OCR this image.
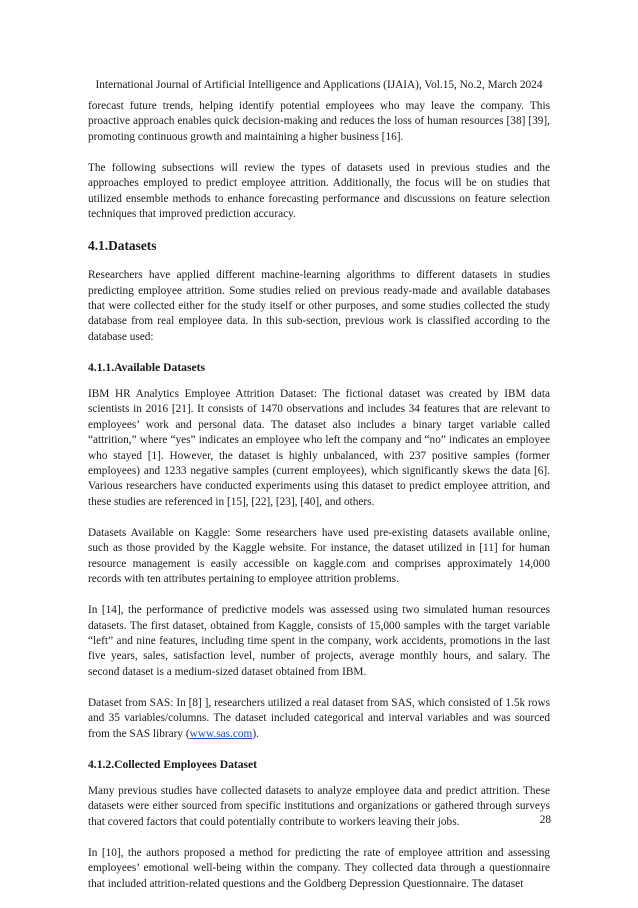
International Journal of Artificial Intelligence and Applications (IJAIA), Vol.15, No.2, March 2024

forecast future trends, helping identify potential employees who may leave the company. This proactive approach enables quick decision-making and reduces the loss of human resources [38] [39], promoting continuous growth and maintaining a higher business [16].

The following subsections will review the types of datasets used in previous studies and the approaches employed to predict employee attrition. Additionally, the focus will be on studies that utilized ensemble methods to enhance forecasting performance and discussions on feature selection techniques that improved prediction accuracy.

4.1.Datasets

Researchers have applied different machine-learning algorithms to different datasets in studies predicting employee attrition. Some studies relied on previous ready-made and available databases that were collected either for the study itself or other purposes, and some studies collected the study database from real employee data. In this sub-section, previous work is classified according to the database used:

4.1.1.Available Datasets

IBM HR Analytics Employee Attrition Dataset: The fictional dataset was created by IBM data scientists in 2016 [21]. It consists of 1470 observations and includes 34 features that are relevant to employees’ work and personal data. The dataset also includes a binary target variable called “attrition,” where “yes” indicates an employee who left the company and “no” indicates an employee who stayed [1]. However, the dataset is highly unbalanced, with 237 positive samples (former employees) and 1233 negative samples (current employees), which significantly skews the data [6]. Various researchers have conducted experiments using this dataset to predict employee attrition, and these studies are referenced in [15], [22], [23], [40], and others.

Datasets Available on Kaggle: Some researchers have used pre-existing datasets available online, such as those provided by the Kaggle website. For instance, the dataset utilized in [11] for human resource management is easily accessible on kaggle.com and comprises approximately 14,000 records with ten attributes pertaining to employee attrition problems.

In [14], the performance of predictive models was assessed using two simulated human resources datasets. The first dataset, obtained from Kaggle, consists of 15,000 samples with the target variable “left” and nine features, including time spent in the company, work accidents, promotions in the last five years, sales, satisfaction level, number of projects, average monthly hours, and salary. The second dataset is a medium-sized dataset obtained from IBM.

Dataset from SAS: In [8] ], researchers utilized a real dataset from SAS, which consisted of 1.5k rows and 35 variables/columns. The dataset included categorical and interval variables and was sourced from the SAS library (www.sas.com).

4.1.2.Collected Employees Dataset

Many previous studies have collected datasets to analyze employee data and predict attrition. These datasets were either sourced from specific institutions and organizations or gathered through surveys that covered factors that could potentially contribute to workers leaving their jobs.

In [10], the authors proposed a method for predicting the rate of employee attrition and assessing employees’ emotional well-being within the company. They collected data through a questionnaire that included attrition-related questions and the Goldberg Depression Questionnaire. The dataset

28
